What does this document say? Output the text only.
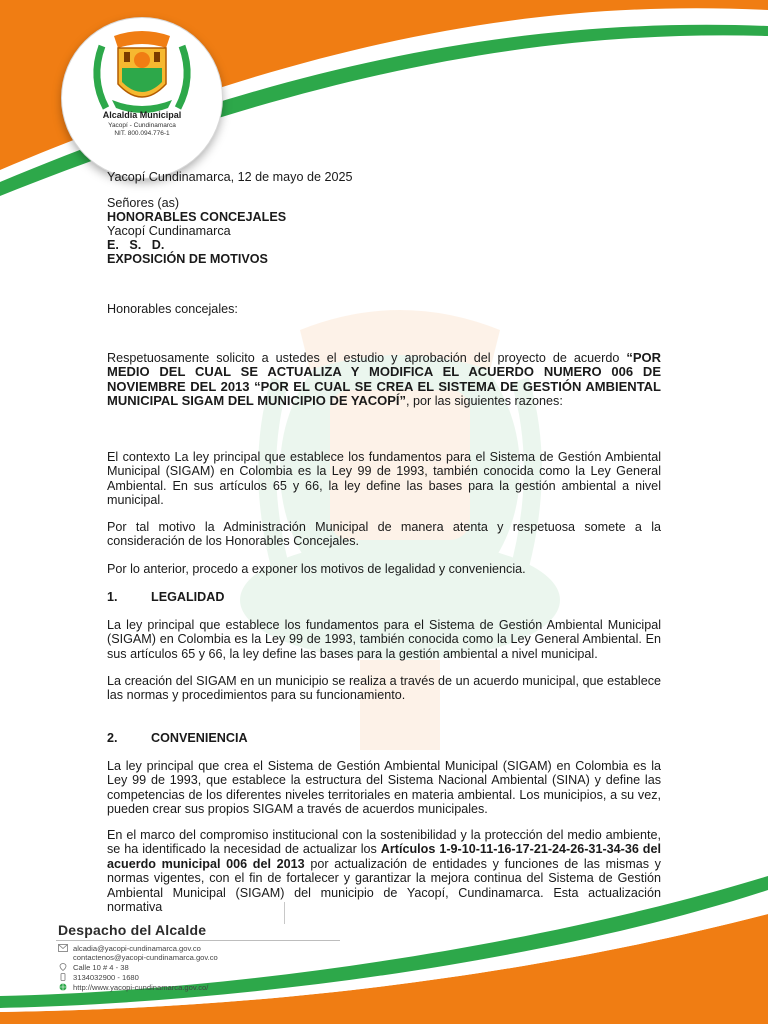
Alcaldía Municipal
Yacopí - Cundinamarca
NIT. 800.094.776-1

Yacopí Cundinamarca, 12 de mayo de 2025

Señores (as)
HONORABLES CONCEJALES
Yacopí Cundinamarca
E.   S.   D.
EXPOSICIÓN DE MOTIVOS

Honorables concejales:

Respetuosamente solicito a ustedes el estudio y aprobación del proyecto de acuerdo “POR MEDIO DEL CUAL SE ACTUALIZA Y MODIFICA EL ACUERDO NUMERO 006 DE NOVIEMBRE DEL 2013 “POR EL CUAL SE CREA EL SISTEMA DE GESTIÓN AMBIENTAL MUNICIPAL SIGAM DEL MUNICIPIO DE YACOPÍ”, por las siguientes razones:

El contexto La ley principal que establece los fundamentos para el Sistema de Gestión Ambiental Municipal (SIGAM) en Colombia es la Ley 99 de 1993, también conocida como la Ley General Ambiental. En sus artículos 65 y 66, la ley define las bases para la gestión ambiental a nivel municipal.

Por tal motivo la Administración Municipal de manera atenta y respetuosa somete a la consideración de los Honorables Concejales.

Por lo anterior, procedo a exponer los motivos de legalidad y conveniencia.

1.	LEGALIDAD

La ley principal que establece los fundamentos para el Sistema de Gestión Ambiental Municipal (SIGAM) en Colombia es la Ley 99 de 1993, también conocida como la Ley General Ambiental. En sus artículos 65 y 66, la ley define las bases para la gestión ambiental a nivel municipal.

La creación del SIGAM en un municipio se realiza a través de un acuerdo municipal, que establece las normas y procedimientos para su funcionamiento.

2.	CONVENIENCIA

La ley principal que crea el Sistema de Gestión Ambiental Municipal (SIGAM) en Colombia es la Ley 99 de 1993, que establece la estructura del Sistema Nacional Ambiental (SINA) y define las competencias de los diferentes niveles territoriales en materia ambiental. Los municipios, a su vez, pueden crear sus propios SIGAM a través de acuerdos municipales.

En el marco del compromiso institucional con la sostenibilidad y la protección del medio ambiente, se ha identificado la necesidad de actualizar los Artículos 1-9-10-11-16-17-21-24-26-31-34-36 del acuerdo municipal 006 del 2013 por actualización de entidades y funciones de las mismas y normas vigentes, con el fin de fortalecer y garantizar la mejora continua del Sistema de Gestión Ambiental Municipal (SIGAM) del municipio de Yacopí, Cundinamarca. Esta actualización normativa

Despacho del Alcalde
alcadia@yacopi-cundinamarca.gov.co
contactenos@yacopi-cundinamarca.gov.co
Calle 10 # 4 - 38
3134032900 - 1680
http://www.yacopi-cundinamarca.gov.co/
